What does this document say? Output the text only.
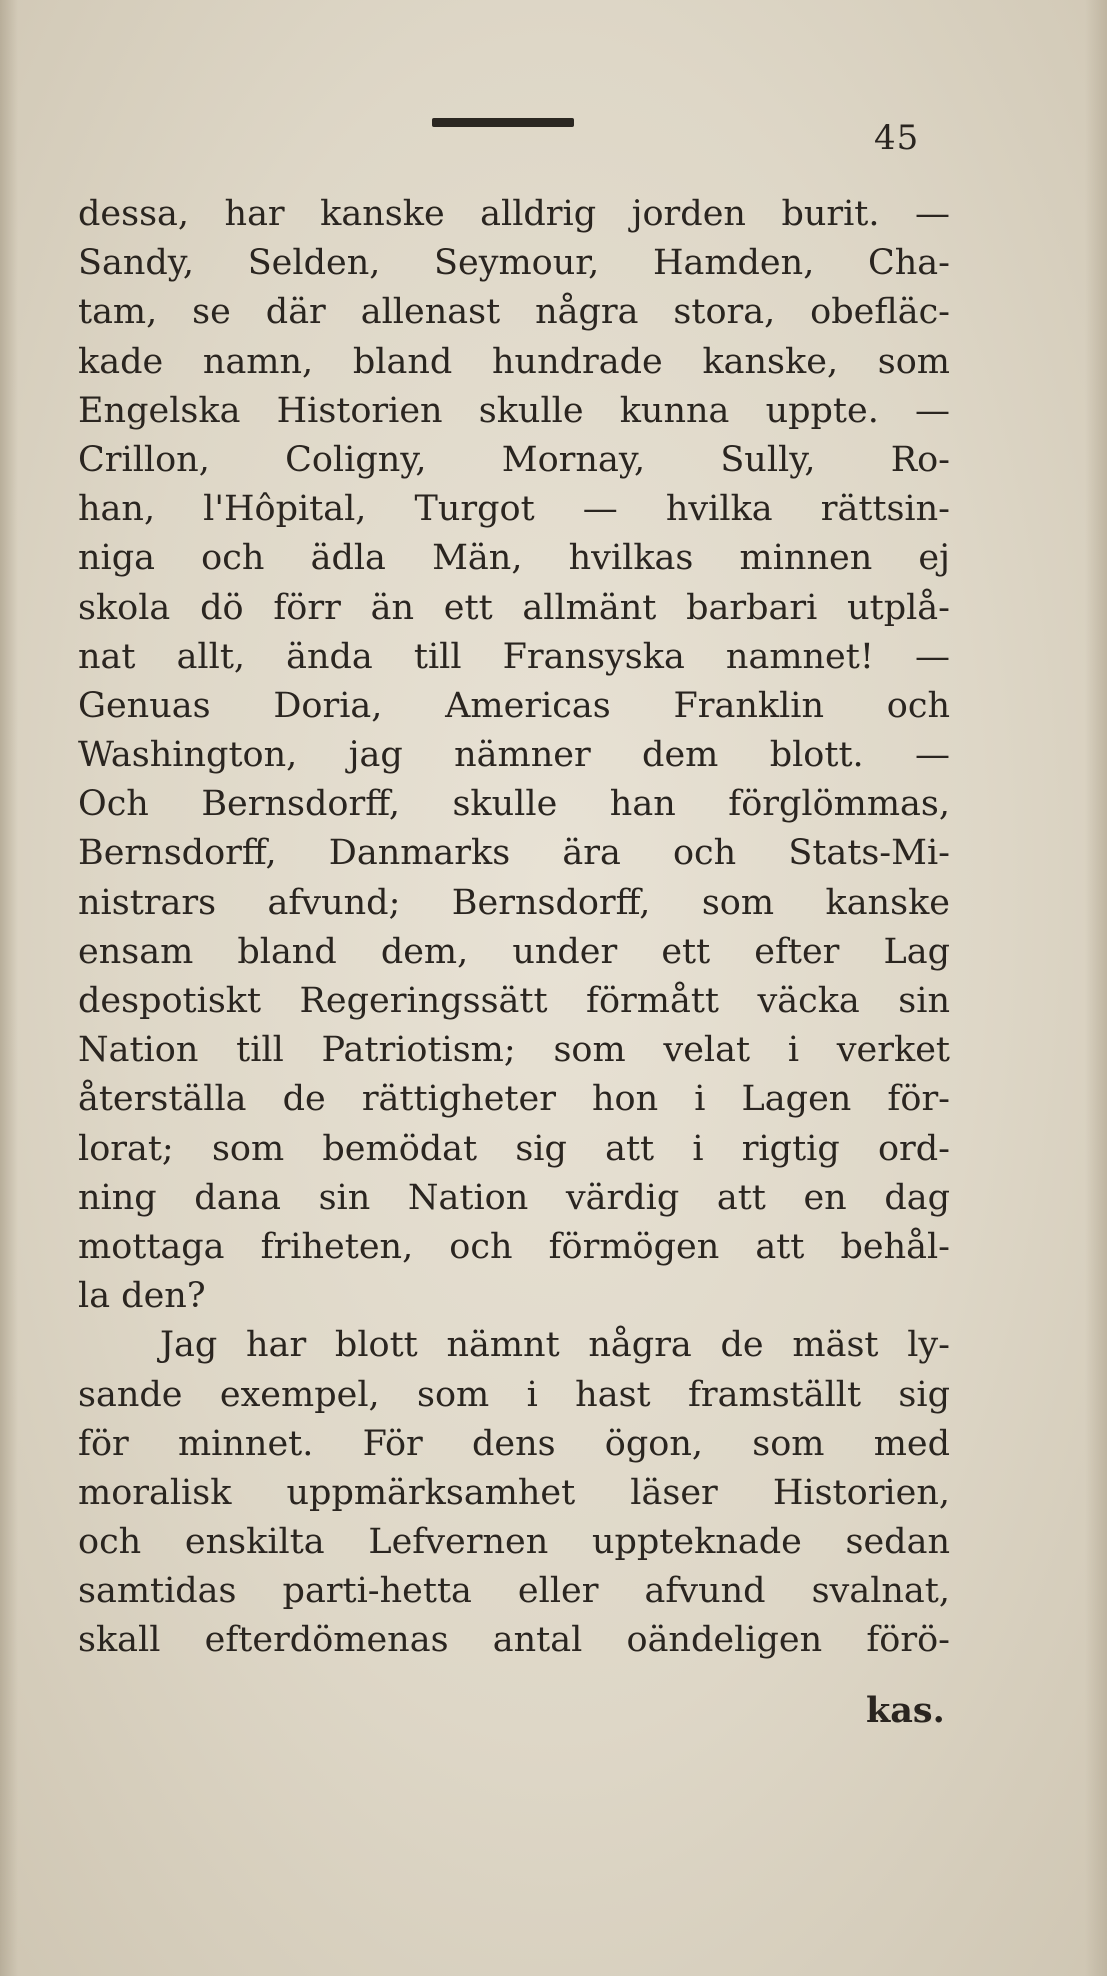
45
dessa, har kanske alldrig jorden burit. —
Sandy, Selden, Seymour, Hamden, Cha-
tam, se där allenast några stora, obefläc-
kade namn, bland hundrade kanske, som
Engelska Historien skulle kunna uppte. —
Crillon, Coligny, Mornay, Sully, Ro-
han, l'Hôpital, Turgot — hvilka rättsin-
niga och ädla Män, hvilkas minnen ej
skola dö förr än ett allmänt barbari utplå-
nat allt, ända till Fransyska namnet! —
Genuas Doria, Americas Franklin och
Washington, jag nämner dem blott. —
Och Bernsdorff, skulle han förglömmas,
Bernsdorff, Danmarks ära och Stats-Mi-
nistrars afvund; Bernsdorff, som kanske
ensam bland dem, under ett efter Lag
despotiskt Regeringssätt förmått väcka sin
Nation till Patriotism; som velat i verket
återställa de rättigheter hon i Lagen för-
lorat; som bemödat sig att i rigtig ord-
ning dana sin Nation värdig att en dag
mottaga friheten, och förmögen att behål-
la den?
Jag har blott nämnt några de mäst ly-
sande exempel, som i hast framställt sig
för minnet. För dens ögon, som med
moralisk uppmärksamhet läser Historien,
och enskilta Lefvernen uppteknade sedan
samtidas parti-hetta eller afvund svalnat,
skall efterdömenas antal oändeligen förö-
kas.
